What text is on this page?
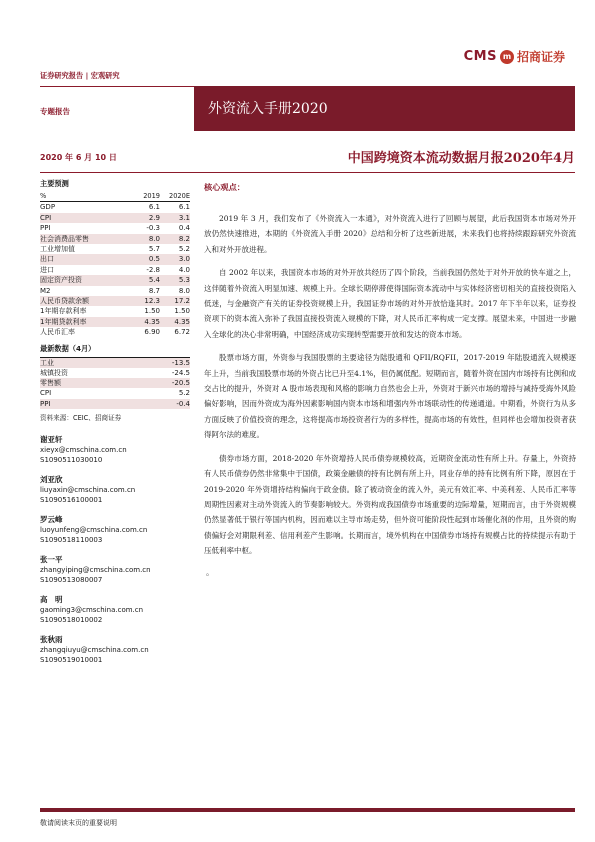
CMS m 招商证券
证券研究报告 | 宏观研究
专题报告	外资流入手册2020
2020 年 6 月 10 日	中国跨境资本流动数据月报2020年4月
主要预测
%	2019	2020E
GDP	6.1	6.1
CPI	2.9	3.1
PPI	-0.3	0.4
社会消费品零售	8.0	8.2
工业增加值	5.7	5.2
出口	0.5	3.0
进口	-2.8	4.0
固定资产投资	5.4	5.3
M2	8.7	8.0
人民币贷款余额	12.3	17.2
1年期存款利率	1.50	1.50
1年期贷款利率	4.35	4.35
人民币汇率	6.90	6.72
最新数据（4月）
工业	-13.5
城镇投资	-24.5
零售额	-20.5
CPI	5.2
PPI	-0.4
资料来源：CEIC、招商证券
谢亚轩
xieyx@cmschina.com.cn
S1090511030010
刘亚欣
liuyaxin@cmschina.com.cn
S1090516100001
罗云峰
luoyunfeng@cmschina.com.cn
S1090518110003
张一平
zhangyiping@cmschina.com.cn
S1090513080007
高　明
gaoming3@cmschina.com.cn
S1090518010002
张秋雨
zhangqiuyu@cmschina.com.cn
S1090519010001
核心观点：

2019 年 3 月，我们发布了《外资流入一本通》，对外资流入进行了回顾与展望，此后我国资本市场对外开放仍然快速推进，本期的《外资流入手册 2020》总结和分析了这些新进展，未来我们也将持续跟踪研究外资流入和对外开放进程。

自 2002 年以来，我国资本市场的对外开放共经历了四个阶段，当前我国仍然处于对外开放的快车道之上，这伴随着外资流入明显加速、规模上升。全球长期停滞使得国际资本流动中与实体经济密切相关的直接投资陷入低迷，与金融资产有关的证券投资规模上升，我国证券市场的对外开放恰逢其时。2017 年下半年以来，证券投资项下的资本流入弥补了我国直接投资流入规模的下降，对人民币汇率构成一定支撑。展望未来，中国进一步融入全球化的决心非常明确，中国经济成功实现转型需要开放和发达的资本市场。

股票市场方面，外资参与我国股票的主要途径为陆股通和 QFII/RQFII，2017-2019 年陆股通流入规模逐年上升，当前我国股票市场的外资占比已升至4.1%，但仍属低配。短期而言，随着外资在国内市场持有比例和成交占比的提升，外资对 A 股市场表现和风格的影响力自然也会上升，外资对于新兴市场的增持与减持受海外风险偏好影响，因而外资成为海外因素影响国内资本市场和增强内外市场联动性的传递通道。中期看，外资行为从多方面反映了价值投资的理念，这将提高市场投资者行为的多样性，提高市场的有效性，但同样也会增加投资者获得阿尔法的难度。

债券市场方面，2018-2020 年外资增持人民币债券规模较高，近期资金流动性有所上升。存量上，外资持有人民币债券仍然非常集中于国债，政策金融债的持有比例有所上升，同业存单的持有比例有所下降，原因在于 2019-2020 年外资增持结构偏向于政金债。除了被动资金的流入外，美元有效汇率、中美利差、人民币汇率等周期性因素对主动外资流入的节奏影响较大。外资构成我国债券市场重要的边际增量，短期而言，由于外资规模仍然显著低于银行等国内机构，因而难以主导市场走势，但外资可能阶段性起到市场催化剂的作用，且外资的购债偏好会对期限利差、信用利差产生影响。长期而言，境外机构在中国债券市场持有规模占比的持续提示有助于压低利率中枢。

。
敬请阅读末页的重要说明
